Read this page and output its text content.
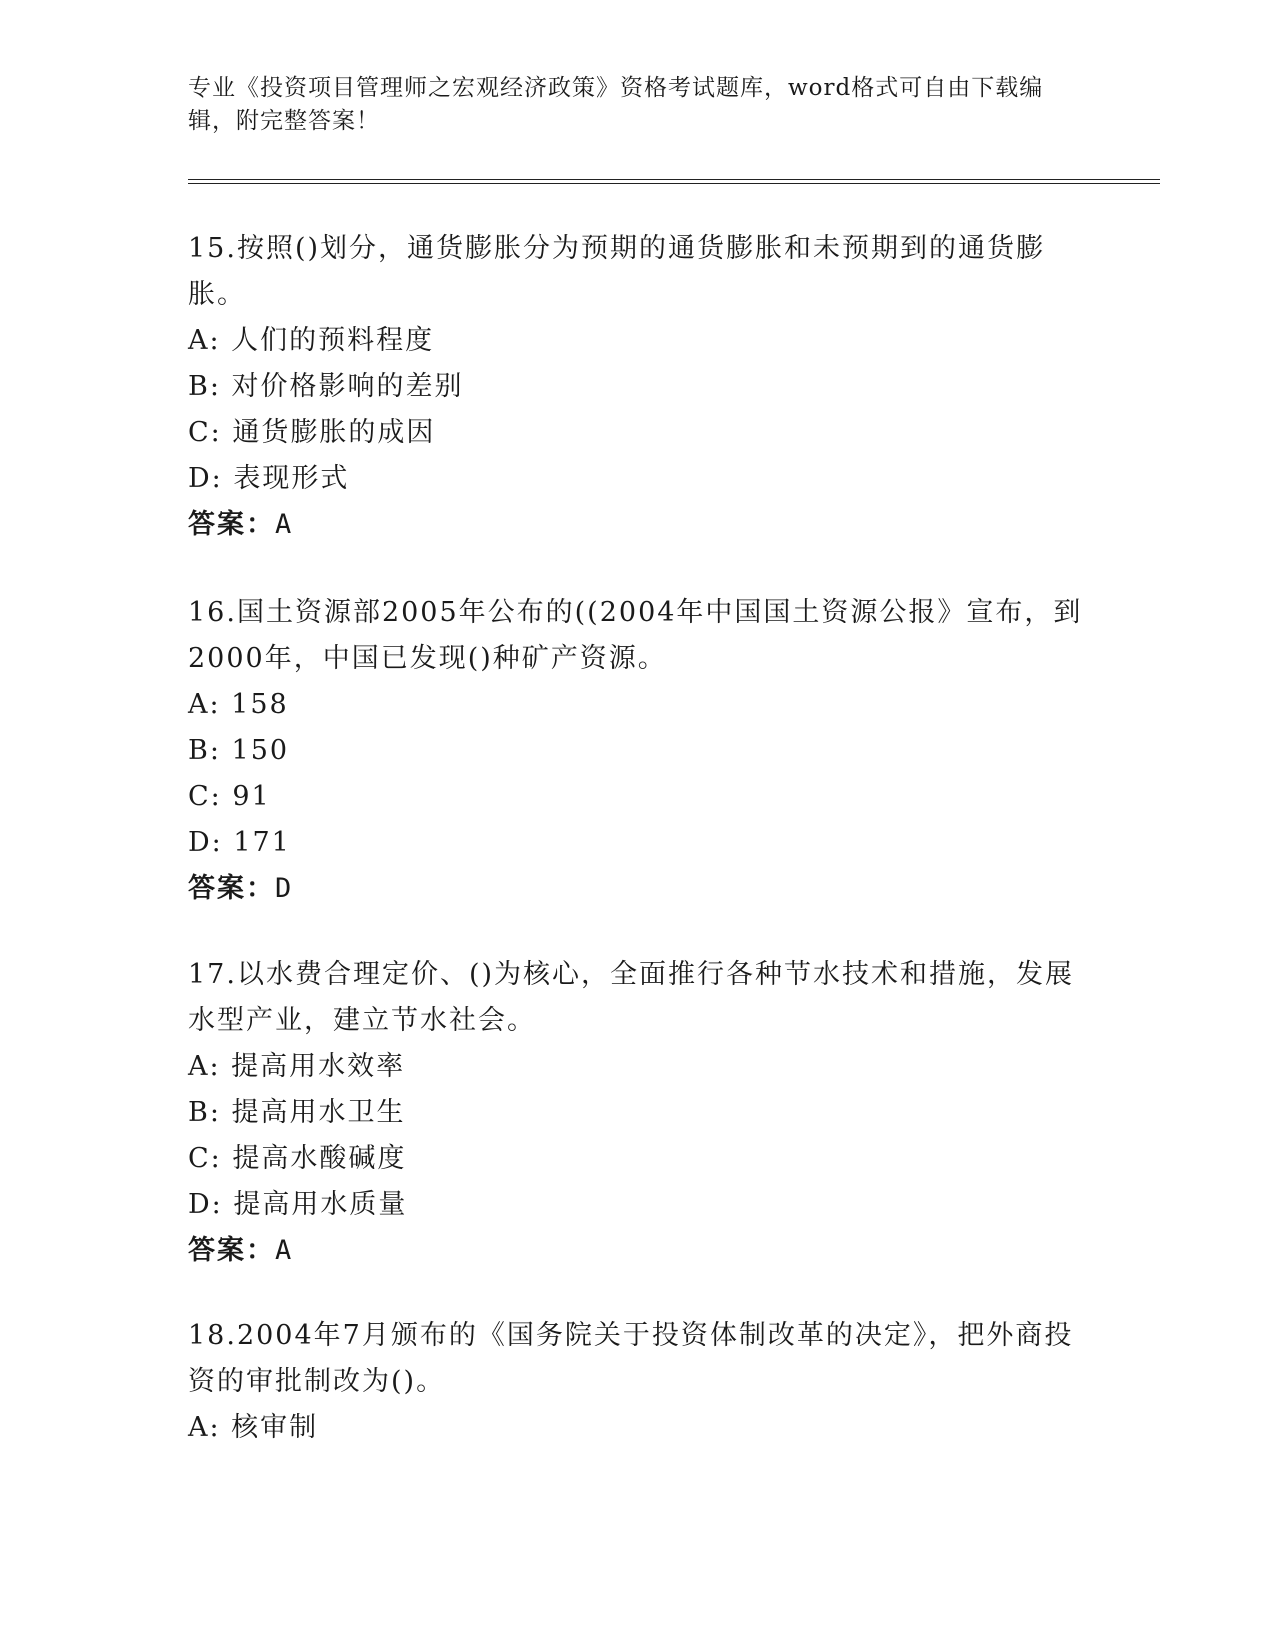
专业《投资项目管理师之宏观经济政策》资格考试题库，word格式可自由下载编辑，附完整答案！
15.按照()划分，通货膨胀分为预期的通货膨胀和未预期到的通货膨胀。
A: 人们的预料程度
B: 对价格影响的差别
C: 通货膨胀的成因
D: 表现形式
答案：A
16.国土资源部2005年公布的((2004年中国国土资源公报》宣布，到2000年，中国已发现()种矿产资源。
A: 158
B: 150
C: 91
D: 171
答案：D
17.以水费合理定价、()为核心，全面推行各种节水技术和措施，发展水型产业，建立节水社会。
A: 提高用水效率
B: 提高用水卫生
C: 提高水酸碱度
D: 提高用水质量
答案：A
18.2004年7月颁布的《国务院关于投资体制改革的决定》，把外商投资的审批制改为()。
A: 核审制
